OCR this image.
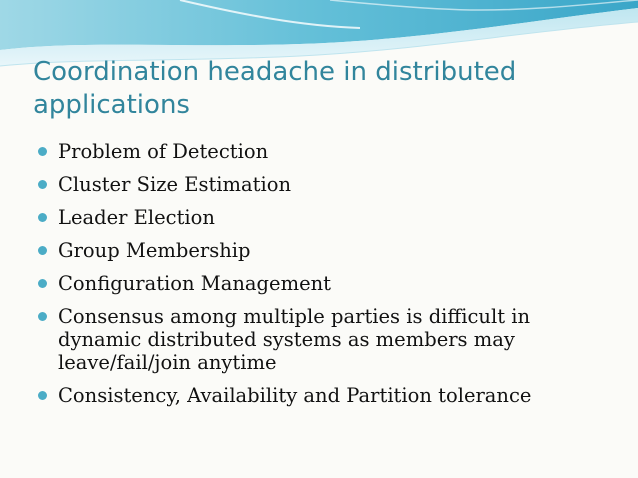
Coordination headache in distributed applications
Problem of Detection
Cluster Size Estimation
Leader Election
Group Membership
Configuration Management
Consensus among multiple parties is difficult in dynamic distributed systems as members may leave/fail/join anytime
Consistency, Availability and Partition tolerance
